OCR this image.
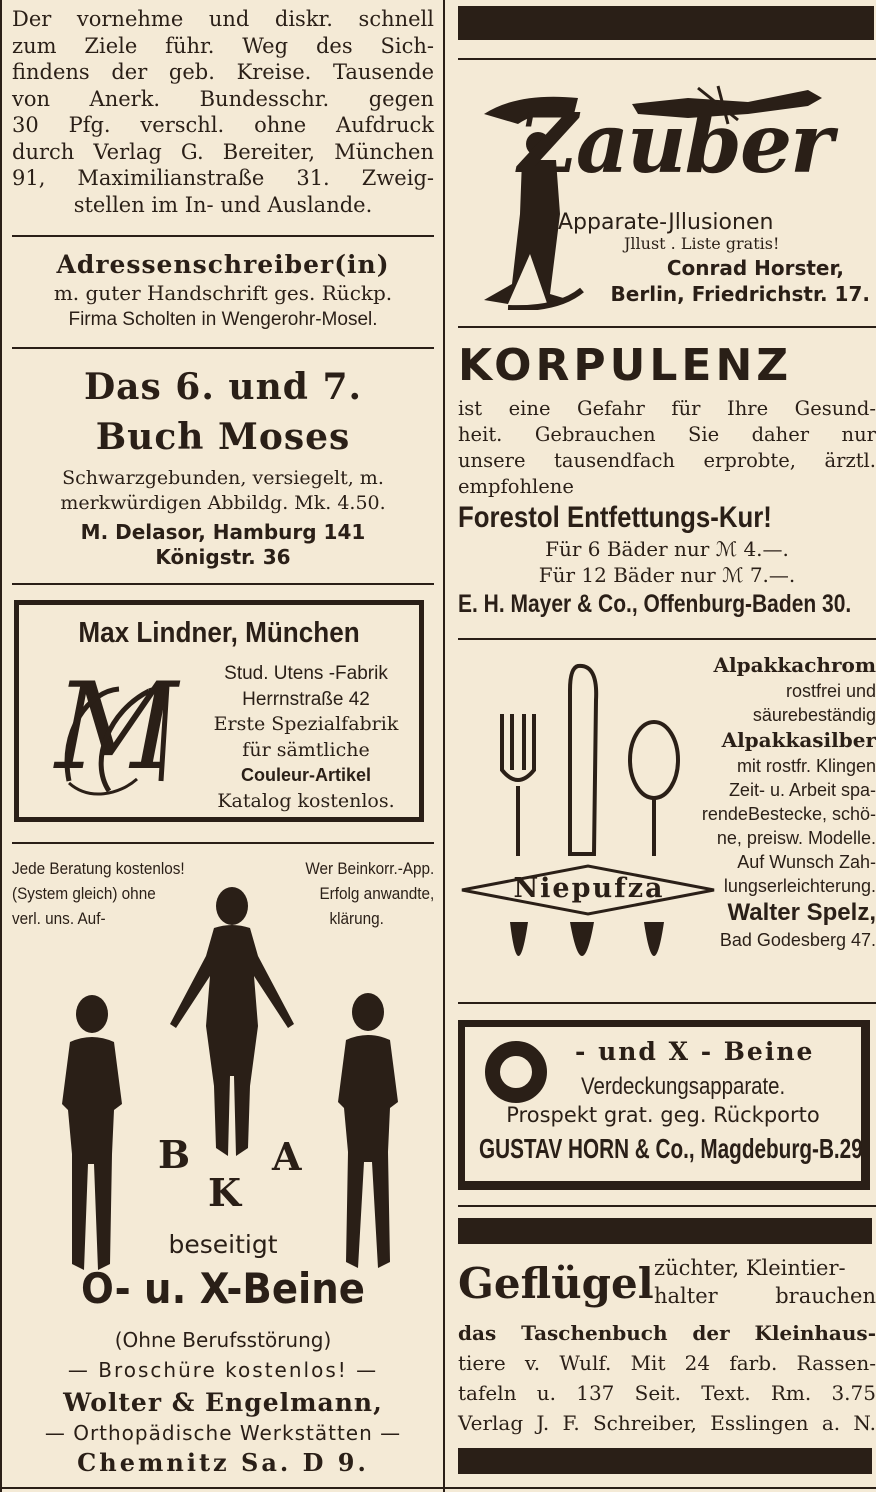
Der vornehme und diskr. schnell
zum Ziele führ. Weg des Sich-
findens der geb. Kreise. Tausende
von Anerk. Bundesschr. gegen
30 Pfg. verschl. ohne Aufdruck
durch Verlag G. Bereiter, München
91, Maximilianstraße 31. Zweig-
stellen im In- und Auslande.
Adressenschreiber(in)
m. guter Handschrift ges. Rückp.
Firma Scholten in Wengerohr-Mosel.
Das 6. und 7.
Buch Moses
Schwarzgebunden, versiegelt, m.
merkwürdigen Abbildg. Mk. 4.50.
M. Delasor, Hamburg 141
Königstr. 36
Max Lindner, München
M	Stud. Utens -Fabrik
Herrnstraße 42
Erste Spezialfabrik
für sämtliche
Couleur-Artikel
Katalog kostenlos.
Jede Beratung kostenlos!
(System gleich) ohne
verl. uns. Auf-
Wer Beinkorr.-App.
Erfolg anwandte,
klärung.
B
K
A
beseitigt
O- u. X-Beine
(Ohne Berufsstörung)
— Broschüre kostenlos! —
Wolter & Engelmann,
— Orthopädische Werkstätten —
Chemnitz Sa. D 9.
Zauber
Apparate-Jllusionen
Jllust . Liste gratis!
Conrad Horster,
Berlin, Friedrichstr. 17.
KORPULENZ
ist eine Gefahr für Ihre Gesund-
heit. Gebrauchen Sie daher nur
unsere tausendfach erprobte, ärztl.
empfohlene
Forestol Entfettungs-Kur!
Für 6 Bäder nur ℳ 4.—.
Für 12 Bäder nur ℳ 7.—.
E. H. Mayer & Co., Offenburg-Baden 30.
Niepufza
Alpakkachrom
rostfrei und
säurebeständig
Alpakkasilber
mit rostfr. Klingen
Zeit- u. Arbeit spa-
rendeBestecke, schö-
ne, preisw. Modelle.
Auf Wunsch Zah-
lungserleichterung.
Walter Spelz,
Bad Godesberg 47.
- und X - Beine
Verdeckungsapparate.
Prospekt grat. geg. Rückporto
GUSTAV HORN & Co., Magdeburg-B.29
Geflügel züchter, Kleintier-
halter brauchen
das Taschenbuch der Kleinhaus-
tiere v. Wulf. Mit 24 farb. Rassen-
tafeln u. 137 Seit. Text. Rm. 3.75
Verlag J. F. Schreiber, Esslingen a. N.
